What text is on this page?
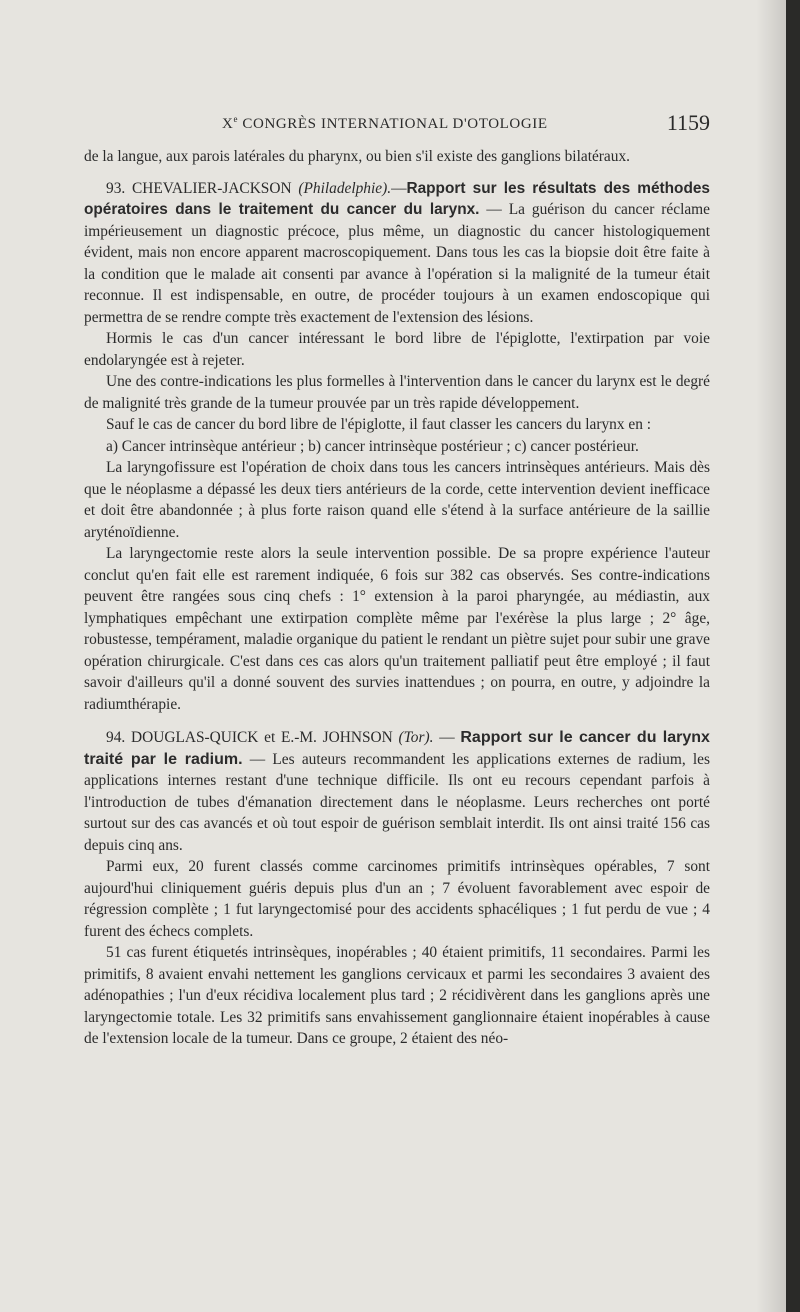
Xe CONGRÈS INTERNATIONAL D'OTOLOGIE	1159

de la langue, aux parois latérales du pharynx, ou bien s'il existe des ganglions bilatéraux.

93. CHEVALIER-JACKSON (Philadelphie).—Rapport sur les résultats des méthodes opératoires dans le traitement du cancer du larynx. — La guérison du cancer réclame impérieusement un diagnostic précoce, plus même, un diagnostic du cancer histologiquement évident, mais non encore apparent macroscopiquement. Dans tous les cas la biopsie doit être faite à la condition que le malade ait consenti par avance à l'opération si la malignité de la tumeur était reconnue. Il est indispensable, en outre, de procéder toujours à un examen endoscopique qui permettra de se rendre compte très exactement de l'extension des lésions.

Hormis le cas d'un cancer intéressant le bord libre de l'épiglotte, l'extirpation par voie endolaryngée est à rejeter.

Une des contre-indications les plus formelles à l'intervention dans le cancer du larynx est le degré de malignité très grande de la tumeur prouvée par un très rapide développement.

Sauf le cas de cancer du bord libre de l'épiglotte, il faut classer les cancers du larynx en :

a) Cancer intrinsèque antérieur ; b) cancer intrinsèque postérieur ; c) cancer postérieur.

La laryngofissure est l'opération de choix dans tous les cancers intrinsèques antérieurs. Mais dès que le néoplasme a dépassé les deux tiers antérieurs de la corde, cette intervention devient inefficace et doit être abandonnée ; à plus forte raison quand elle s'étend à la surface antérieure de la saillie aryténoïdienne.

La laryngectomie reste alors la seule intervention possible. De sa propre expérience l'auteur conclut qu'en fait elle est rarement indiquée, 6 fois sur 382 cas observés. Ses contre-indications peuvent être rangées sous cinq chefs : 1° extension à la paroi pharyngée, au médiastin, aux lymphatiques empêchant une extirpation complète même par l'exérèse la plus large ; 2° âge, robustesse, tempérament, maladie organique du patient le rendant un piètre sujet pour subir une grave opération chirurgicale. C'est dans ces cas alors qu'un traitement palliatif peut être employé ; il faut savoir d'ailleurs qu'il a donné souvent des survies inattendues ; on pourra, en outre, y adjoindre la radiumthérapie.

94. DOUGLAS-QUICK et E.-M. JOHNSON (Tor). — Rapport sur le cancer du larynx traité par le radium. — Les auteurs recommandent les applications externes de radium, les applications internes restant d'une technique difficile. Ils ont eu recours cependant parfois à l'introduction de tubes d'émanation directement dans le néoplasme. Leurs recherches ont porté surtout sur des cas avancés et où tout espoir de guérison semblait interdit. Ils ont ainsi traité 156 cas depuis cinq ans.

Parmi eux, 20 furent classés comme carcinomes primitifs intrinsèques opérables, 7 sont aujourd'hui cliniquement guéris depuis plus d'un an ; 7 évoluent favorablement avec espoir de régression complète ; 1 fut laryngectomisé pour des accidents sphacéliques ; 1 fut perdu de vue ; 4 furent des échecs complets.

51 cas furent étiquetés intrinsèques, inopérables ; 40 étaient primitifs, 11 secondaires. Parmi les primitifs, 8 avaient envahi nettement les ganglions cervicaux et parmi les secondaires 3 avaient des adénopathies ; l'un d'eux récidiva localement plus tard ; 2 récidivèrent dans les ganglions après une laryngectomie totale. Les 32 primitifs sans envahissement ganglionnaire étaient inopérables à cause de l'extension locale de la tumeur. Dans ce groupe, 2 étaient des néo-
